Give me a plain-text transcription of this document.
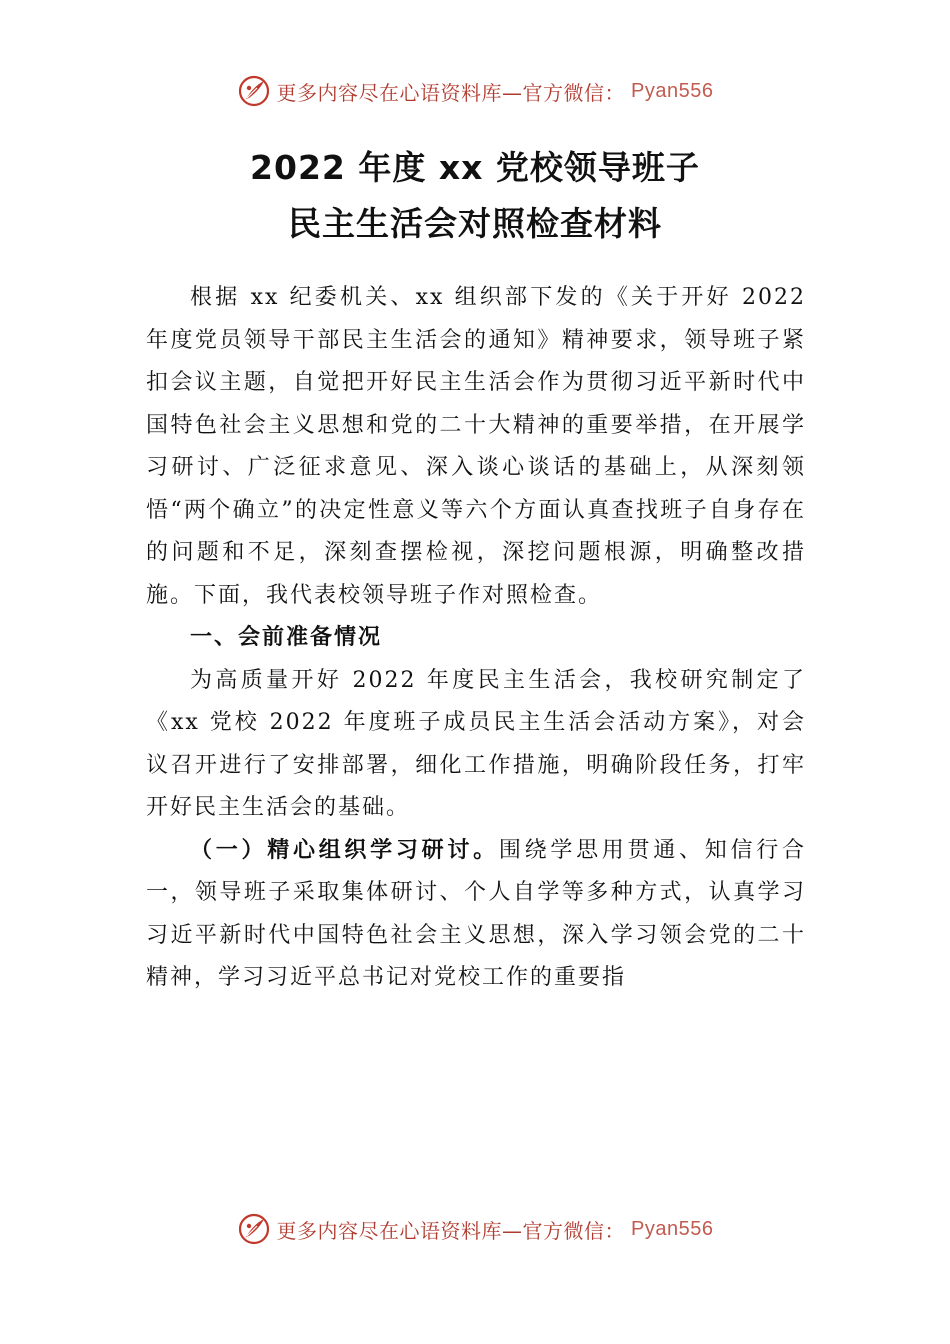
更多内容尽在心语资料库—官方微信： Pyan556
2022 年度 xx 党校领导班子
民主生活会对照检查材料

根据 xx 纪委机关、xx 组织部下发的《关于开好 2022 年度党员领导干部民主生活会的通知》精神要求，领导班子紧扣会议主题，自觉把开好民主生活会作为贯彻习近平新时代中国特色社会主义思想和党的二十大精神的重要举措，在开展学习研讨、广泛征求意见、深入谈心谈话的基础上，从深刻领悟“两个确立”的决定性意义等六个方面认真查找班子自身存在的问题和不足，深刻查摆检视，深挖问题根源，明确整改措施。下面，我代表校领导班子作对照检查。

一、会前准备情况

为高质量开好 2022 年度民主生活会，我校研究制定了《xx 党校 2022 年度班子成员民主生活会活动方案》，对会议召开进行了安排部署，细化工作措施，明确阶段任务，打牢开好民主生活会的基础。

（一）精心组织学习研讨。围绕学思用贯通、知信行合一，领导班子采取集体研讨、个人自学等多种方式，认真学习习近平新时代中国特色社会主义思想，深入学习领会党的二十精神，学习习近平总书记对党校工作的重要指

更多内容尽在心语资料库—官方微信： Pyan556
